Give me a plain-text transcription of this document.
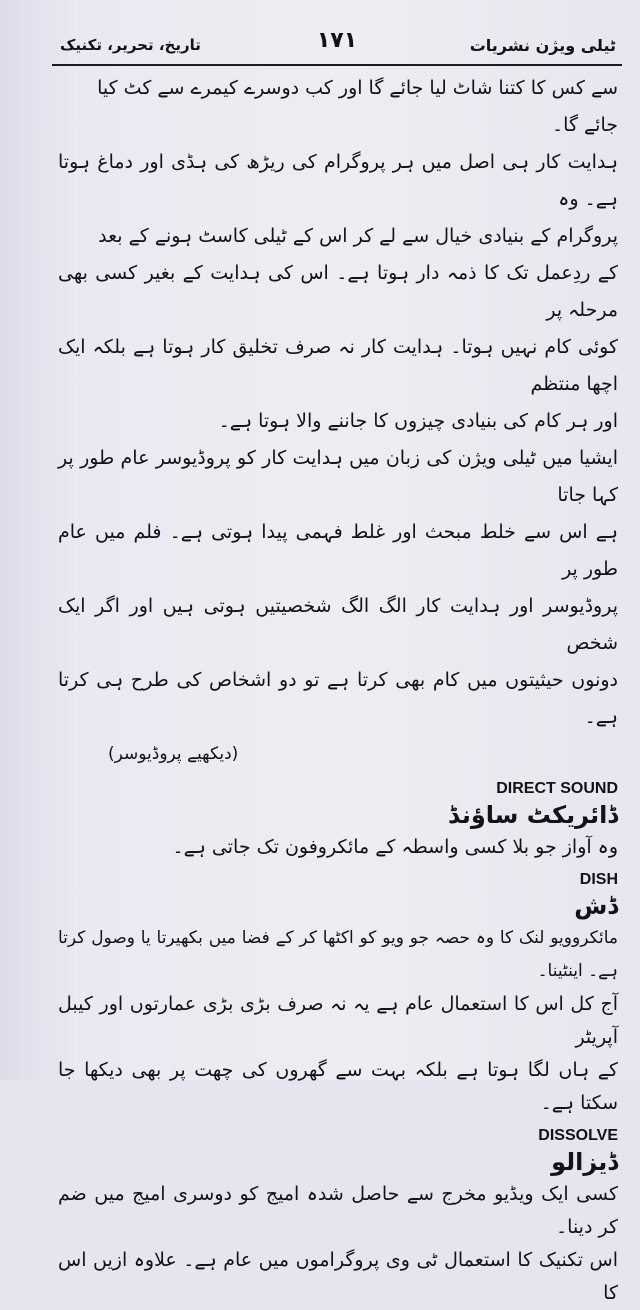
تاریخ، تحریر، تکنیک	۱۷۱	ٹیلی ویژن نشریات

سے کس کا کتنا شاٹ لیا جائے گا اور کب دوسرے کیمرے سے کٹ کیا

جائے گا۔

ہدایت کار ہی اصل میں ہر پروگرام کی ریڑھ کی ہڈی اور دماغ ہوتا ہے۔ وہ

پروگرام کے بنیادی خیال سے لے کر اس کے ٹیلی کاسٹ ہونے کے بعد

کے ردِعمل تک کا ذمہ دار ہوتا ہے۔ اس کی ہدایت کے بغیر کسی بھی مرحلہ پر

کوئی کام نہیں ہوتا۔ ہدایت کار نہ صرف تخلیق کار ہوتا ہے بلکہ ایک اچھا منتظم

اور ہر کام کی بنیادی چیزوں کا جاننے والا ہوتا ہے۔

ایشیا میں ٹیلی ویژن کی زبان میں ہدایت کار کو پروڈیوسر عام طور پر کہا جاتا

ہے اس سے خلط مبحث اور غلط فہمی پیدا ہوتی ہے۔ فلم میں عام طور پر

پروڈیوسر اور ہدایت کار الگ الگ شخصیتیں ہوتی ہیں اور اگر ایک شخص

دونوں حیثیتوں میں کام بھی کرتا ہے تو دو اشخاص کی طرح ہی کرتا ہے۔

(دیکھیے پروڈیوسر)

DIRECT SOUND

ڈائریکٹ ساؤنڈ

وہ آواز جو بلا کسی واسطہ کے مائکروفون تک جاتی ہے۔

DISH

ڈش

مائکروویو لنک کا وہ حصہ جو ویو کو اکٹھا کر کے فضا میں بکھیرتا یا وصول کرتا ہے۔ اینٹینا۔

آج کل اس کا استعمال عام ہے یہ نہ صرف بڑی بڑی عمارتوں اور کیبل آپریٹر

کے ہاں لگا ہوتا ہے بلکہ بہت سے گھروں کی چھت پر بھی دیکھا جا سکتا ہے۔

DISSOLVE

ڈیزالو

کسی ایک ویڈیو مخرج سے حاصل شدہ امیج کو دوسری امیج میں ضم کر دینا۔

اس تکنیک کا استعمال ٹی وی پروگراموں میں عام ہے۔ علاوہ ازیں اس کا
